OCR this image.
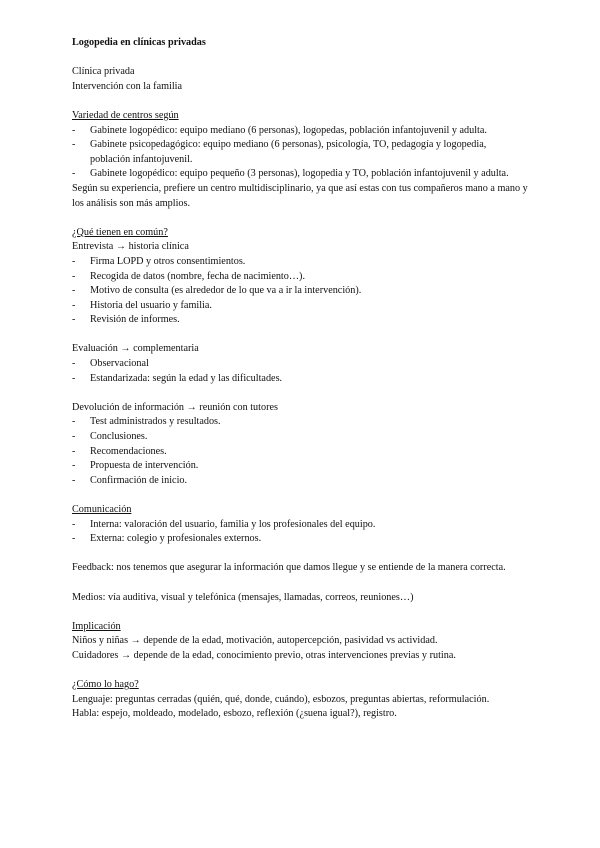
Logopedia en clínicas privadas

Clínica privada

Intervención con la familia

Variedad de centros según

- Gabinete logopédico: equipo mediano (6 personas), logopedas, población infantojuvenil y adulta.
- Gabinete psicopedagógico: equipo mediano (6 personas), psicología, TO, pedagogía y logopedia, población infantojuvenil.
- Gabinete logopédico: equipo pequeño (3 personas), logopedia y TO, población infantojuvenil y adulta.

Según su experiencia, prefiere un centro multidisciplinario, ya que así estas con tus compañeros mano a mano y los análisis son más amplios.

¿Qué tienen en común?

Entrevista → historia clínica

- Firma LOPD y otros consentimientos.
- Recogida de datos (nombre, fecha de nacimiento…).
- Motivo de consulta (es alrededor de lo que va a ir la intervención).
- Historia del usuario y familia.
- Revisión de informes.

Evaluación → complementaria

- Observacional
- Estandarizada: según la edad y las dificultades.

Devolución de información → reunión con tutores

- Test administrados y resultados.
- Conclusiones.
- Recomendaciones.
- Propuesta de intervención.
- Confirmación de inicio.

Comunicación

- Interna: valoración del usuario, familia y los profesionales del equipo.
- Externa: colegio y profesionales externos.

Feedback: nos tenemos que asegurar la información que damos llegue y se entiende de la manera correcta.

Medios: vía auditiva, visual y telefónica (mensajes, llamadas, correos, reuniones…)

Implicación

Niños y niñas → depende de la edad, motivación, autopercepción, pasividad vs actividad.

Cuidadores → depende de la edad, conocimiento previo, otras intervenciones previas y rutina.

¿Cómo lo hago?

Lenguaje: preguntas cerradas (quién, qué, donde, cuándo), esbozos, preguntas abiertas, reformulación.

Habla: espejo, moldeado, modelado, esbozo, reflexión (¿suena igual?), registro.
